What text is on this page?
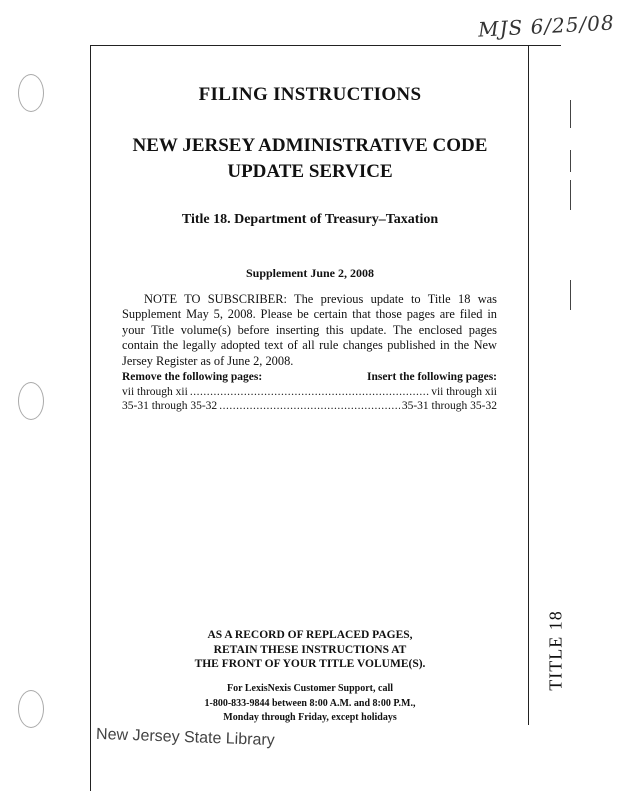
MJS 6/25/08
TITLE 18
FILING INSTRUCTIONS
NEW JERSEY ADMINISTRATIVE CODE
UPDATE SERVICE
Title 18. Department of Treasury–Taxation
Supplement June 2, 2008
NOTE TO SUBSCRIBER: The previous update to Title 18 was Supplement May 5, 2008. Please be certain that those pages are filed in your Title volume(s) before inserting this update. The enclosed pages contain the legally adopted text of all rule changes published in the New Jersey Register as of June 2, 2008.
Remove the following pages:	Insert the following pages:
vii through xii .....	vii through xii
35-31 through 35-32 .....	35-31 through 35-32
AS A RECORD OF REPLACED PAGES,
RETAIN THESE INSTRUCTIONS AT
THE FRONT OF YOUR TITLE VOLUME(S).
For LexisNexis Customer Support, call
1-800-833-9844 between 8:00 A.M. and 8:00 P.M.,
Monday through Friday, except holidays
New Jersey State Library
